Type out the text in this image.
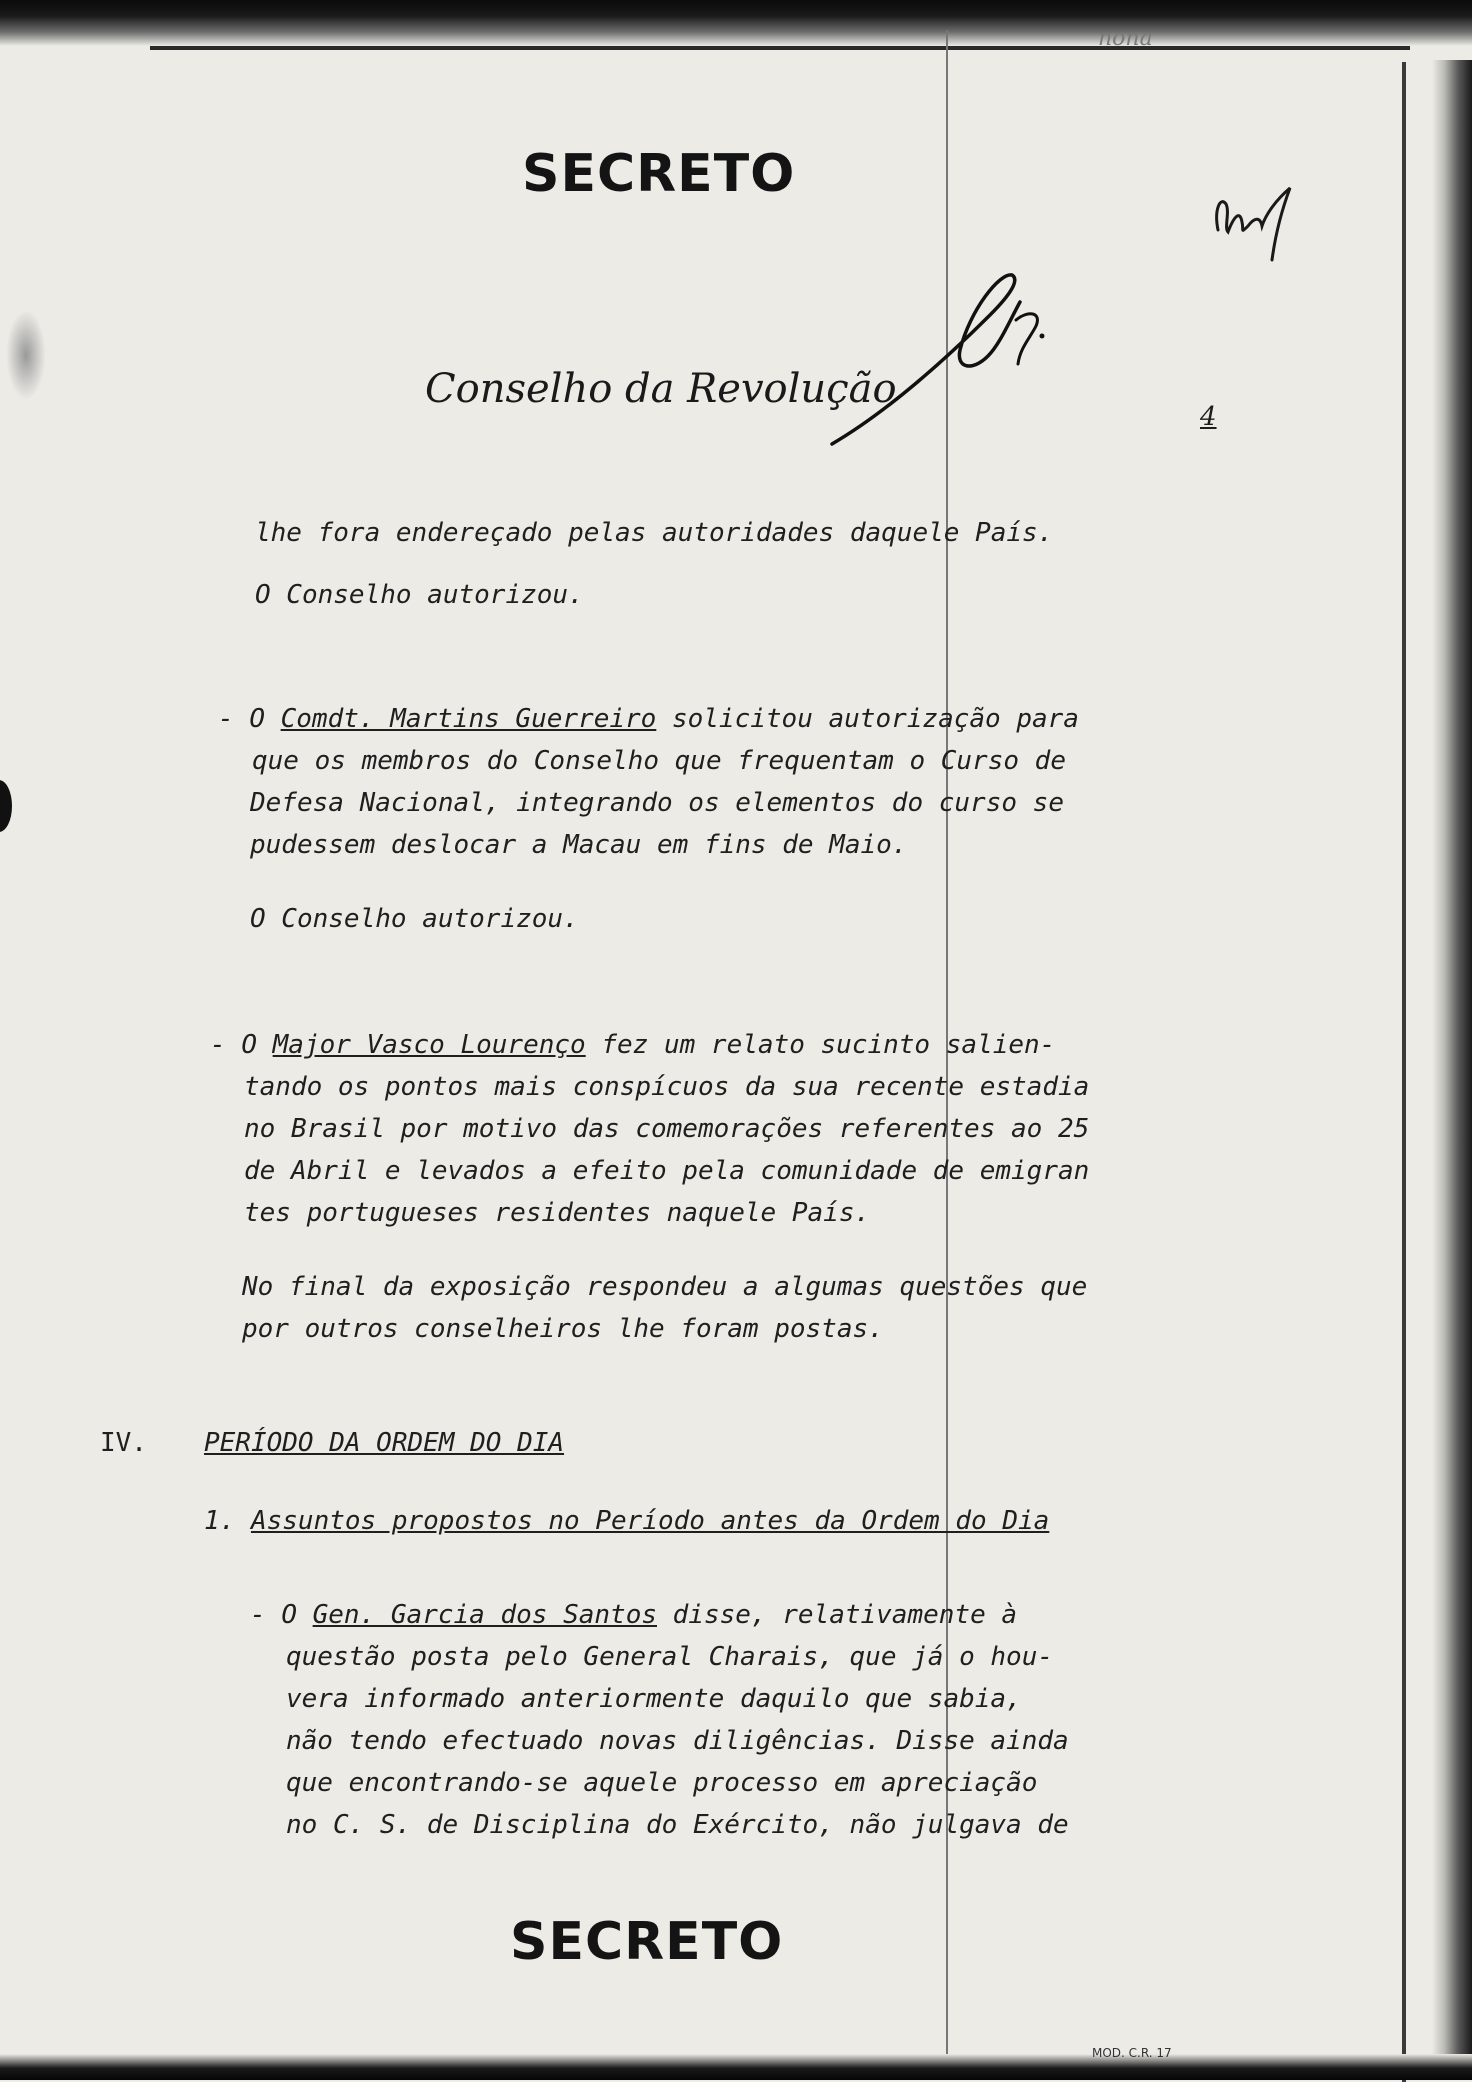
nona
SECRETO
Conselho da Revolução
4
lhe fora endereçado pelas autoridades daquele País.
O Conselho autorizou.
- O Comdt. Martins Guerreiro solicitou autorização para
que os membros do Conselho que frequentam o Curso de
Defesa Nacional, integrando os elementos do curso se
pudessem deslocar a Macau em fins de Maio.
O Conselho autorizou.
- O Major Vasco Lourenço fez um relato sucinto salien-
tando os pontos mais conspícuos da sua recente estadia
no Brasil por motivo das comemorações referentes ao 25
de Abril e levados a efeito pela comunidade de emigran
tes portugueses residentes naquele País.
No final da exposição respondeu a algumas questões que
por outros conselheiros lhe foram postas.
IV. PERÍODO DA ORDEM DO DIA
1. Assuntos propostos no Período antes da Ordem do Dia
- O Gen. Garcia dos Santos disse, relativamente à
questão posta pelo General Charais, que já o hou-
vera informado anteriormente daquilo que sabia,
não tendo efectuado novas diligências. Disse ainda
que encontrando-se aquele processo em apreciação
no C. S. de Disciplina do Exército, não julgava de
SECRETO
MOD. C.R. 17
